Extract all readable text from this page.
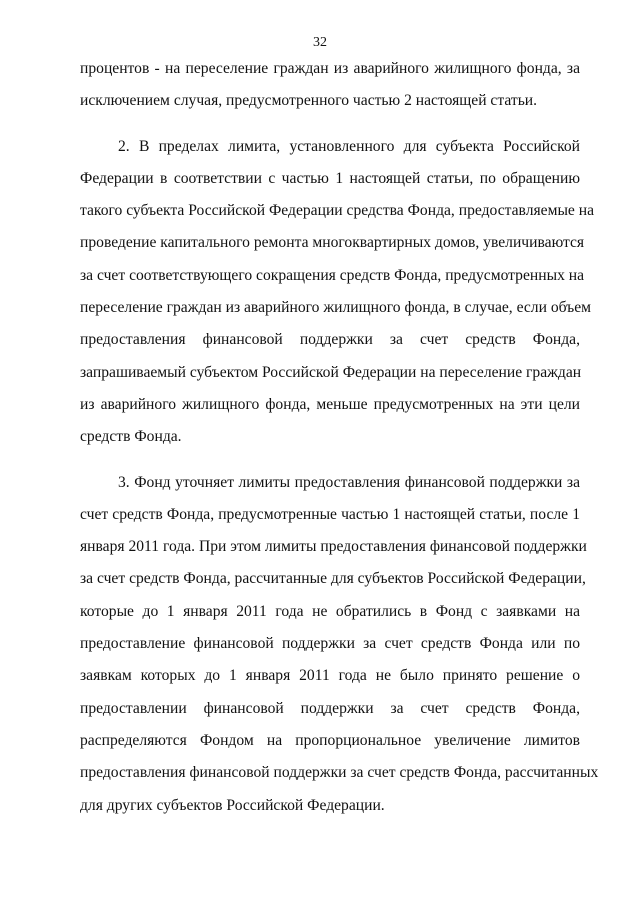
32
процентов - на переселение граждан из аварийного жилищного фонда, за
исключением случая, предусмотренного частью 2 настоящей статьи.
2. В пределах лимита, установленного для субъекта Российской
Федерации в соответствии с частью 1 настоящей статьи, по обращению
такого субъекта Российской Федерации средства Фонда, предоставляемые на
проведение капитального ремонта многоквартирных домов, увеличиваются
за счет соответствующего сокращения средств Фонда, предусмотренных на
переселение граждан из аварийного жилищного фонда, в случае, если объем
предоставления финансовой поддержки за счет средств Фонда,
запрашиваемый субъектом Российской Федерации на переселение граждан
из аварийного жилищного фонда, меньше предусмотренных на эти цели
средств Фонда.
3. Фонд уточняет лимиты предоставления финансовой поддержки за
счет средств Фонда, предусмотренные частью 1 настоящей статьи, после 1
января 2011 года. При этом лимиты предоставления финансовой поддержки
за счет средств Фонда, рассчитанные для субъектов Российской Федерации,
которые до 1 января 2011 года не обратились в Фонд с заявками на
предоставление финансовой поддержки за счет средств Фонда или по
заявкам которых до 1 января 2011 года не было принято решение о
предоставлении финансовой поддержки за счет средств Фонда,
распределяются Фондом на пропорциональное увеличение лимитов
предоставления финансовой поддержки за счет средств Фонда, рассчитанных
для других субъектов Российской Федерации.
